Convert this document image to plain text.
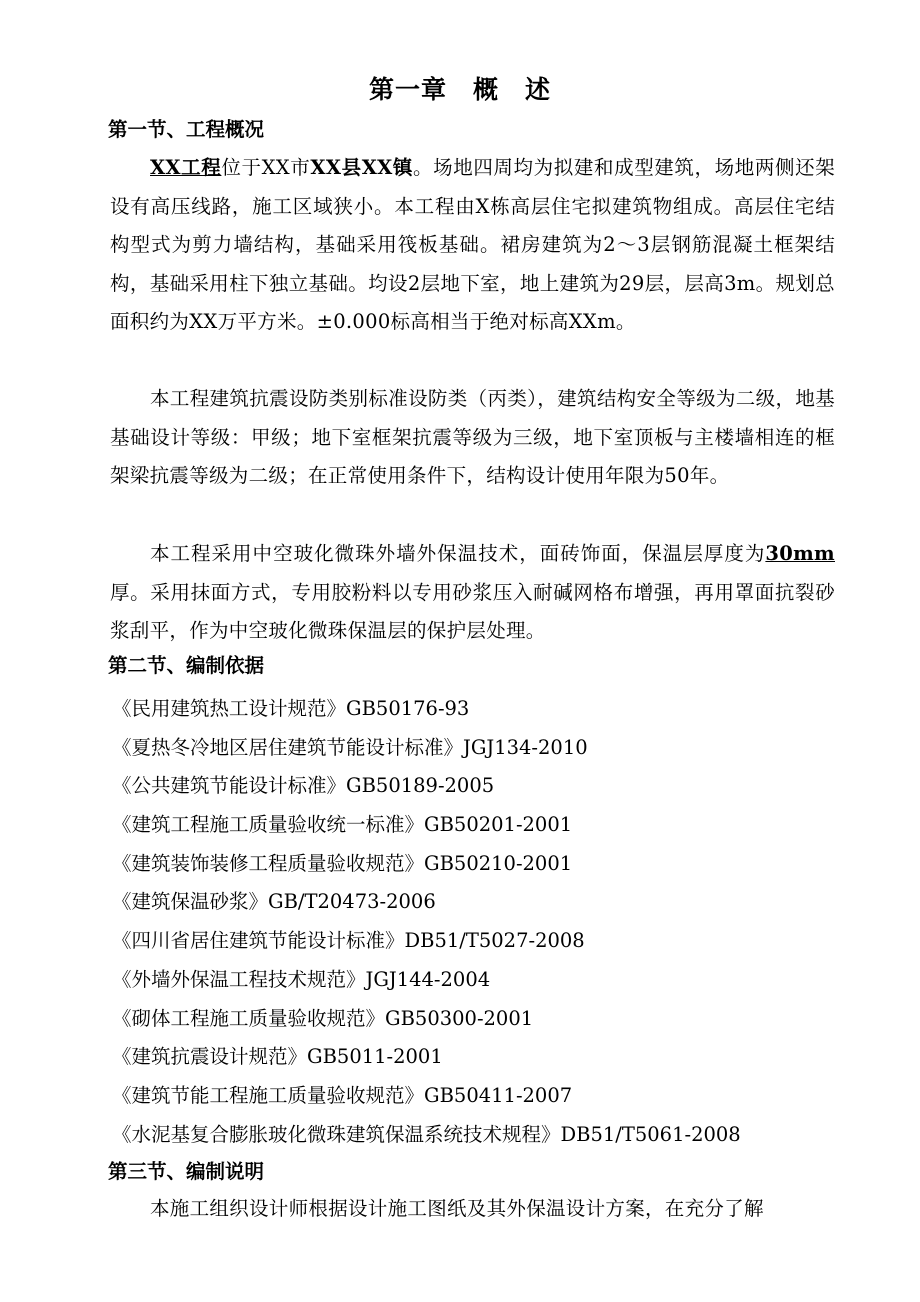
第一章　概　述
第一节、工程概况
XX工程位于XX市XX县XX镇。场地四周均为拟建和成型建筑，场地两侧还架设有高压线路，施工区域狭小。本工程由X栋高层住宅拟建筑物组成。高层住宅结构型式为剪力墙结构，基础采用筏板基础。裙房建筑为2～3层钢筋混凝土框架结构，基础采用柱下独立基础。均设2层地下室，地上建筑为29层，层高3m。规划总面积约为XX万平方米。±0.000标高相当于绝对标高XXm。
本工程建筑抗震设防类别标准设防类（丙类），建筑结构安全等级为二级，地基基础设计等级：甲级；地下室框架抗震等级为三级，地下室顶板与主楼墙相连的框架梁抗震等级为二级；在正常使用条件下，结构设计使用年限为50年。
本工程采用中空玻化微珠外墙外保温技术，面砖饰面，保温层厚度为30mm厚。采用抹面方式，专用胶粉料以专用砂浆压入耐碱网格布增强，再用罩面抗裂砂浆刮平，作为中空玻化微珠保温层的保护层处理。
第二节、编制依据
《民用建筑热工设计规范》GB50176-93
《夏热冬冷地区居住建筑节能设计标准》JGJ134-2010
《公共建筑节能设计标准》GB50189-2005
《建筑工程施工质量验收统一标准》GB50201-2001
《建筑装饰装修工程质量验收规范》GB50210-2001
《建筑保温砂浆》GB/T20473-2006
《四川省居住建筑节能设计标准》DB51/T5027-2008
《外墙外保温工程技术规范》JGJ144-2004
《砌体工程施工质量验收规范》GB50300-2001
《建筑抗震设计规范》GB5011-2001
《建筑节能工程施工质量验收规范》GB50411-2007
《水泥基复合膨胀玻化微珠建筑保温系统技术规程》DB51/T5061-2008
第三节、编制说明
本施工组织设计师根据设计施工图纸及其外保温设计方案，在充分了解
